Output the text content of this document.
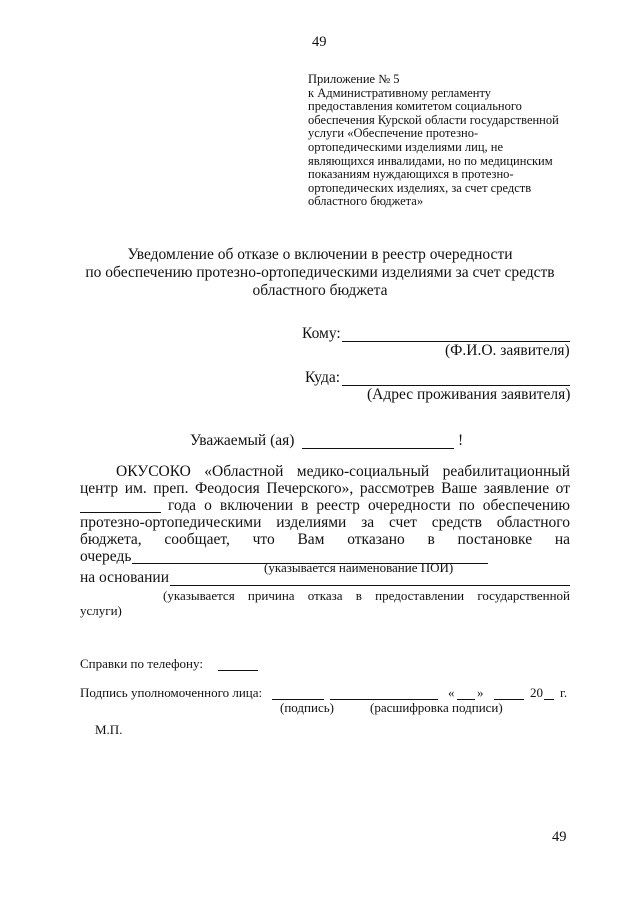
49
Приложение № 5
к Административному регламенту
предоставления комитетом социального
обеспечения Курской области государственной
услуги «Обеспечение протезно-
ортопедическими изделиями лиц, не
являющихся инвалидами, но по медицинским
показаниям нуждающихся в протезно-
ортопедических изделиях, за счет средств
областного бюджета»
Уведомление об отказе о включении в реестр очередности
по обеспечению протезно-ортопедическими изделиями за счет средств
областного бюджета
Кому:
(Ф.И.О. заявителя)
Куда:
(Адрес проживания заявителя)
Уважаемый (ая)	!
ОКУСОКО «Областной медико-социальный реабилитационный
центр им. преп. Феодосия Печерского», рассмотрев Ваше заявление от
года о включении в реестр очередности по обеспечению
протезно-ортопедическими изделиями за счет средств областного
бюджета, сообщает, что Вам отказано в постановке на
очередь
(указывается наименование ПОИ)
на основании
(указывается причина отказа в предоставлении государственной
услуги)
Справки по телефону:
Подпись уполномоченного лица:	« »	20 г.
(подпись)	(расшифровка подписи)
М.П.
49
